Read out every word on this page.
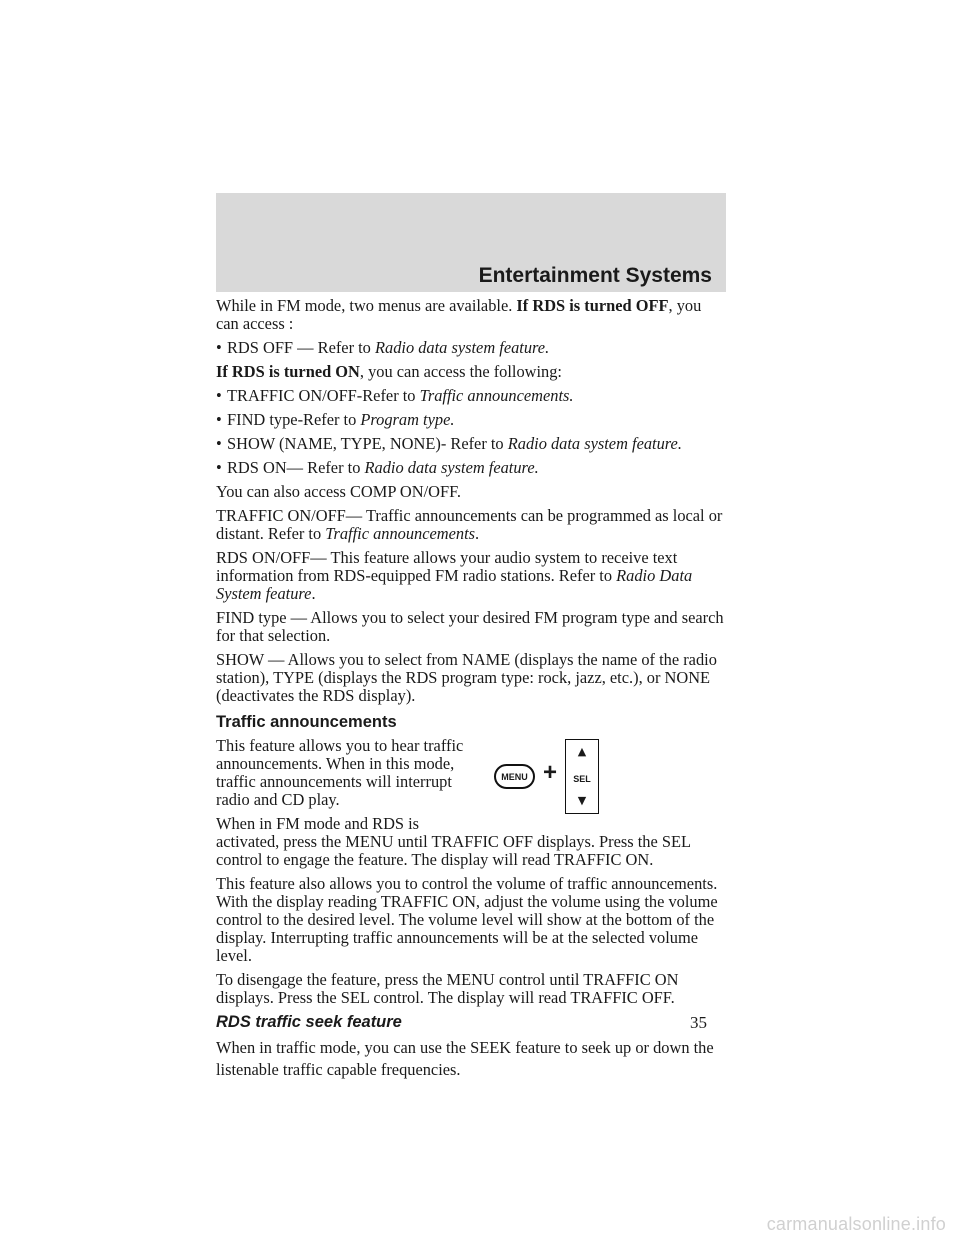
Entertainment Systems

While in FM mode, two menus are available. If RDS is turned OFF, you can access :

• RDS OFF — Refer to Radio data system feature.

If RDS is turned ON, you can access the following:

• TRAFFIC ON/OFF-Refer to Traffic announcements.
• FIND type-Refer to Program type.
• SHOW (NAME, TYPE, NONE)- Refer to Radio data system feature.
• RDS ON— Refer to Radio data system feature.

You can also access COMP ON/OFF.

TRAFFIC ON/OFF— Traffic announcements can be programmed as local or distant. Refer to Traffic announcements.

RDS ON/OFF— This feature allows your audio system to receive text information from RDS-equipped FM radio stations. Refer to Radio Data System feature.

FIND type — Allows you to select your desired FM program type and search for that selection.

SHOW — Allows you to select from NAME (displays the name of the radio station), TYPE (displays the RDS program type: rock, jazz, etc.), or NONE (deactivates the RDS display).

Traffic announcements
MENU +
▲
SEL
▼

This feature allows you to hear traffic announcements. When in this mode, traffic announcements will interrupt radio and CD play.

When in FM mode and RDS is activated, press the MENU until TRAFFIC OFF displays. Press the SEL control to engage the feature. The display will read TRAFFIC ON.

This feature also allows you to control the volume of traffic announcements. With the display reading TRAFFIC ON, adjust the volume using the volume control to the desired level. The volume level will show at the bottom of the display. Interrupting traffic announcements will be at the selected volume level.

To disengage the feature, press the MENU control until TRAFFIC ON displays. Press the SEL control. The display will read TRAFFIC OFF.

RDS traffic seek feature

When in traffic mode, you can use the SEEK feature to seek up or down the listenable traffic capable frequencies.

35
carmanualsonline.info
